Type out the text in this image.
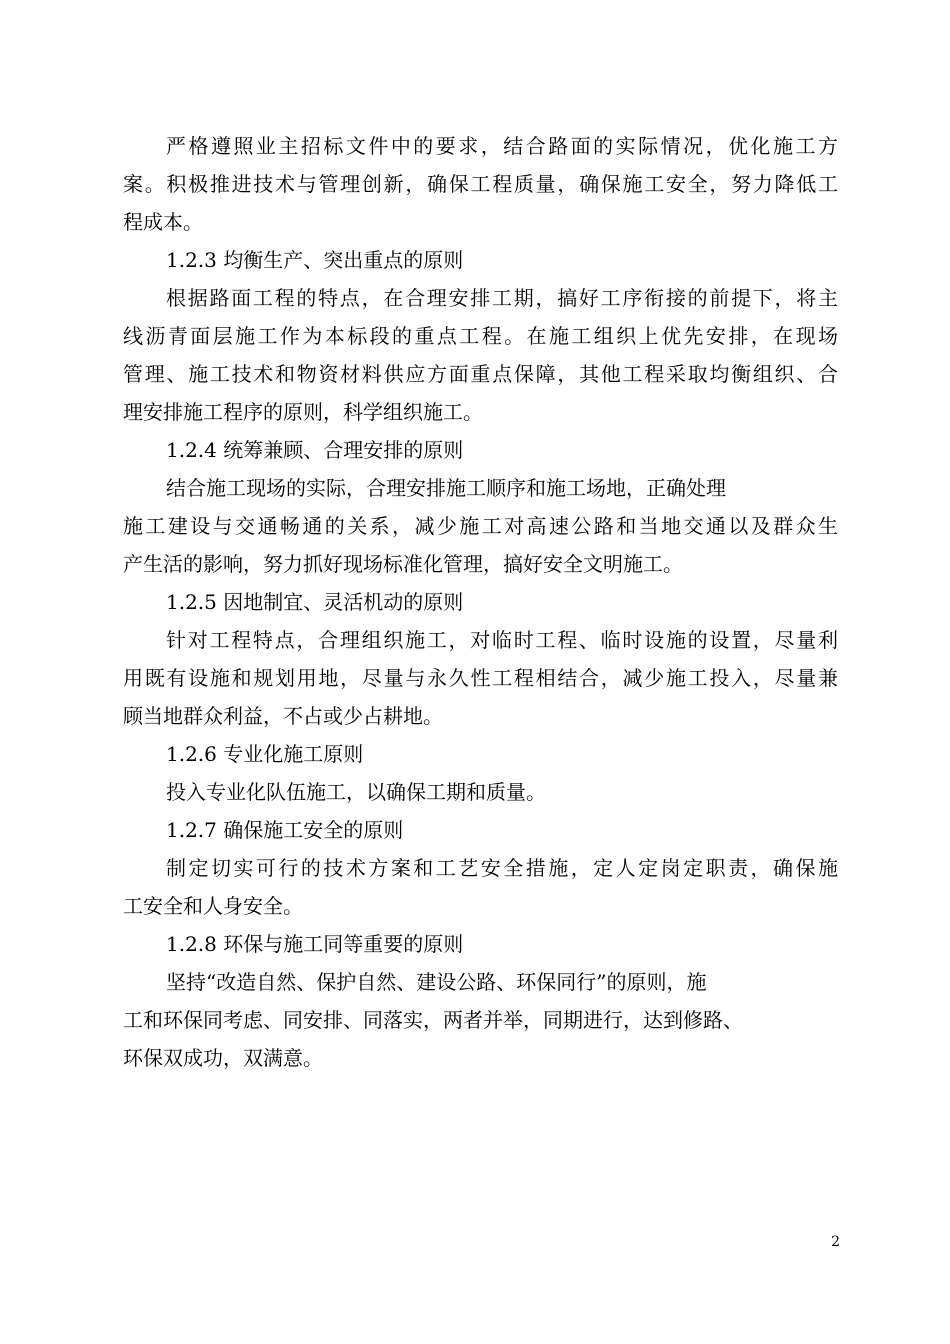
严格遵照业主招标文件中的要求，结合路面的实际情况，优化施工方
案。积极推进技术与管理创新，确保工程质量，确保施工安全，努力降低工
程成本。
1.2.3 均衡生产、突出重点的原则
根据路面工程的特点，在合理安排工期，搞好工序衔接的前提下，将主
线沥青面层施工作为本标段的重点工程。在施工组织上优先安排，在现场
管理、施工技术和物资材料供应方面重点保障，其他工程采取均衡组织、合
理安排施工程序的原则，科学组织施工。
1.2.4 统筹兼顾、合理安排的原则
结合施工现场的实际，合理安排施工顺序和施工场地，正确处理
施工建设与交通畅通的关系，减少施工对高速公路和当地交通以及群众生
产生活的影响，努力抓好现场标准化管理，搞好安全文明施工。
1.2.5 因地制宜、灵活机动的原则
针对工程特点，合理组织施工，对临时工程、临时设施的设置，尽量利
用既有设施和规划用地，尽量与永久性工程相结合，减少施工投入，尽量兼
顾当地群众利益，不占或少占耕地。
1.2.6 专业化施工原则
投入专业化队伍施工，以确保工期和质量。
1.2.7 确保施工安全的原则
制定切实可行的技术方案和工艺安全措施，定人定岗定职责，确保施
工安全和人身安全。
1.2.8 环保与施工同等重要的原则
坚持“改造自然、保护自然、建设公路、环保同行”的原则，施
工和环保同考虑、同安排、同落实，两者并举，同期进行，达到修路、
环保双成功，双满意。
2
